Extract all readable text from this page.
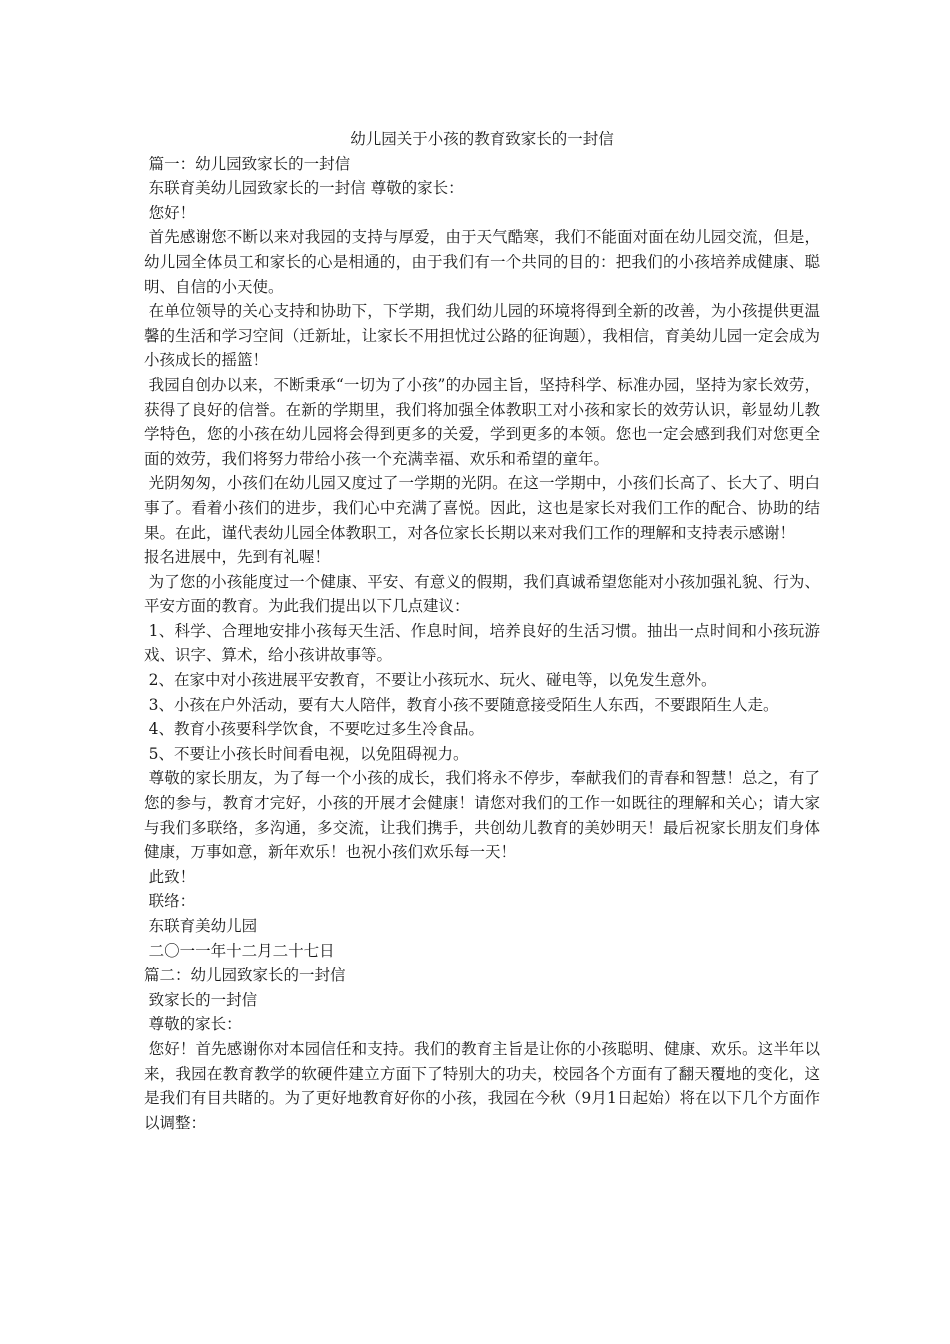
幼儿园关于小孩的教育致家长的一封信

篇一：幼儿园致家长的一封信

东联育美幼儿园致家长的一封信 尊敬的家长：

您好！

首先感谢您不断以来对我园的支持与厚爱，由于天气酷寒，我们不能面对面在幼儿园交流，但是，幼儿园全体员工和家长的心是相通的，由于我们有一个共同的目的：把我们的小孩培养成健康、聪明、自信的小天使。

在单位领导的关心支持和协助下，下学期，我们幼儿园的环境将得到全新的改善，为小孩提供更温馨的生活和学习空间（迁新址，让家长不用担忧过公路的征询题），我相信，育美幼儿园一定会成为小孩成长的摇篮！

我园自创办以来，不断秉承“一切为了小孩”的办园主旨，坚持科学、标准办园，坚持为家长效劳，获得了良好的信誉。在新的学期里，我们将加强全体教职工对小孩和家长的效劳认识，彰显幼儿教学特色，您的小孩在幼儿园将会得到更多的关爱，学到更多的本领。您也一定会感到我们对您更全面的效劳，我们将努力带给小孩一个充满幸福、欢乐和希望的童年。

光阴匆匆，小孩们在幼儿园又度过了一学期的光阴。在这一学期中，小孩们长高了、长大了、明白事了。看着小孩们的进步，我们心中充满了喜悦。因此，这也是家长对我们工作的配合、协助的结果。在此，谨代表幼儿园全体教职工，对各位家长长期以来对我们工作的理解和支持表示感谢！

报名进展中，先到有礼喔！

为了您的小孩能度过一个健康、平安、有意义的假期，我们真诚希望您能对小孩加强礼貌、行为、平安方面的教育。为此我们提出以下几点建议：

1、科学、合理地安排小孩每天生活、作息时间，培养良好的生活习惯。抽出一点时间和小孩玩游戏、识字、算术，给小孩讲故事等。

2、在家中对小孩进展平安教育，不要让小孩玩水、玩火、碰电等，以免发生意外。

3、小孩在户外活动，要有大人陪伴，教育小孩不要随意接受陌生人东西，不要跟陌生人走。

4、教育小孩要科学饮食，不要吃过多生冷食品。

5、不要让小孩长时间看电视，以免阻碍视力。

尊敬的家长朋友，为了每一个小孩的成长，我们将永不停步，奉献我们的青春和智慧！总之，有了您的参与，教育才完好，小孩的开展才会健康！请您对我们的工作一如既往的理解和关心；请大家与我们多联络，多沟通，多交流，让我们携手，共创幼儿教育的美妙明天！最后祝家长朋友们身体健康，万事如意，新年欢乐！也祝小孩们欢乐每一天！

此致！

联络：

东联育美幼儿园

二〇一一年十二月二十七日

篇二：幼儿园致家长的一封信

致家长的一封信

尊敬的家长：

您好！首先感谢你对本园信任和支持。我们的教育主旨是让你的小孩聪明、健康、欢乐。这半年以来，我园在教育教学的软硬件建立方面下了特别大的功夫，校园各个方面有了翻天覆地的变化，这是我们有目共睹的。为了更好地教育好你的小孩，我园在今秋（9月1日起始）将在以下几个方面作以调整：
